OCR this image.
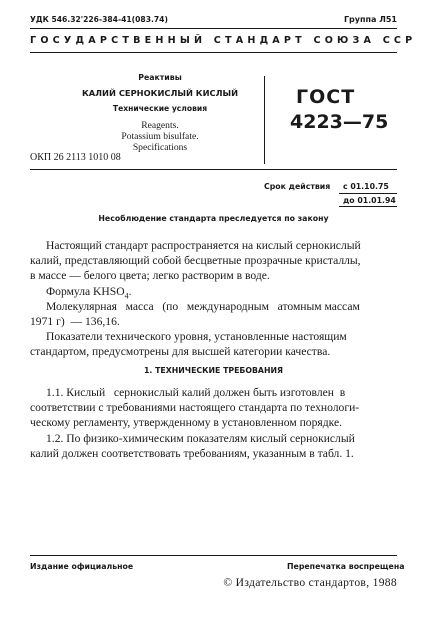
УДК 546.32'226-384-41(083.74)	Группа Л51
ГОСУДАРСТВЕННЫЙ СТАНДАРТ СОЮЗА ССР
Реактивы
КАЛИЙ СЕРНОКИСЛЫЙ КИСЛЫЙ
Технические условия
Reagents.
Potassium bisulfate.
Specifications
ГОСТ
4223—75
ОКП 26 2113 1010 08
Срок действия с 01.10.75
до 01.01.94
Несоблюдение стандарта преследуется по закону
Настоящий стандарт распространяется на кислый сернокислый
калий, представляющий собой бесцветные прозрачные кристаллы,
в массе — белого цвета; легко растворим в воде.
Формула $KHSO_4$.
Молекулярная   масса   (по   международным   атомным массам
1971 г)  — 136,16.
Показатели технического уровня, установленные настоящим
стандартом, предусмотрены для высшей категории качества.
1. ТЕХНИЧЕСКИЕ ТРЕБОВАНИЯ
1.1. Кислый   сернокислый калий должен быть изготовлен  в
соответствии с требованиями настоящего стандарта по технологи-
ческому регламенту, утвержденному в установленном порядке.
1.2. По физико-химическим показателям кислый сернокислый
калий должен соответствовать требованиям, указанным в табл. 1.
Издание официальное	Перепечатка воспрещена
© Издательство стандартов, 1988
